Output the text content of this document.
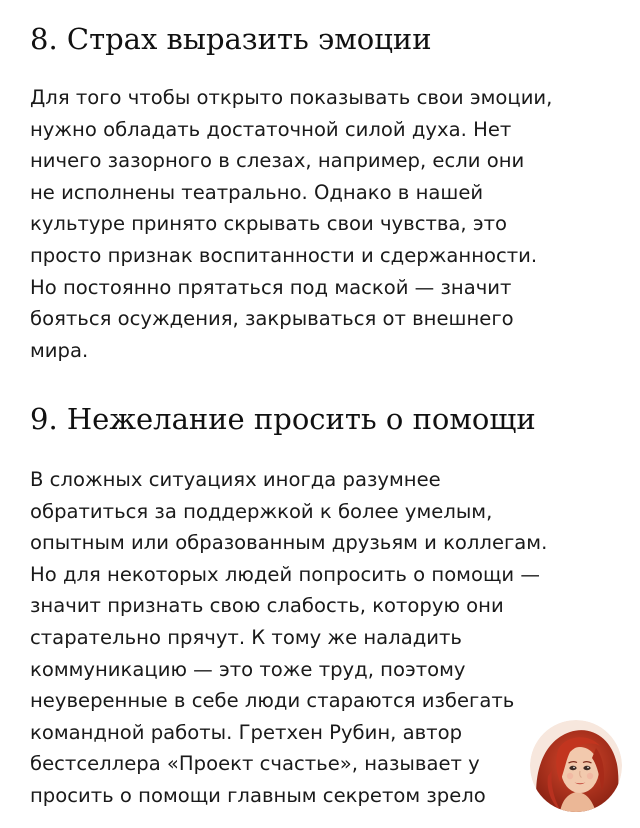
8. Страх выразить эмоции

Для того чтобы открыто показывать свои эмоции,
нужно обладать достаточной силой духа. Нет
ничего зазорного в слезах, например, если они
не исполнены театрально. Однако в нашей
культуре принято скрывать свои чувства, это
просто признак воспитанности и сдержанности.
Но постоянно прятаться под маской — значит
бояться осуждения, закрываться от внешнего
мира.

9. Нежелание просить о помощи

В сложных ситуациях иногда разумнее
обратиться за поддержкой к более умелым,
опытным или образованным друзьям и коллегам.
Но для некоторых людей попросить о помощи —
значит признать свою слабость, которую они
старательно прячут. К тому же наладить
коммуникацию — это тоже труд, поэтому
неуверенные в себе люди стараются избегать
командной работы. Гретхен Рубин, автор
бестселлера «Проект счастье», называет у
просить о помощи главным секретом зрело
